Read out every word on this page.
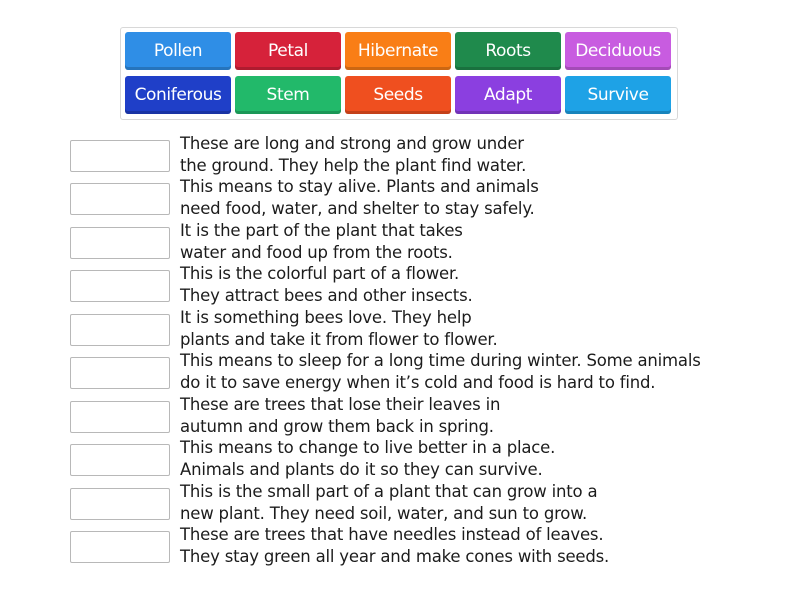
Pollen	Petal	Hibernate	Roots	Deciduous
Coniferous	Stem	Seeds	Adapt	Survive
These are long and strong and grow under
the ground. They help the plant find water.
This means to stay alive. Plants and animals
need food, water, and shelter to stay safely.
It is the part of the plant that takes
water and food up from the roots.
This is the colorful part of a flower.
They attract bees and other insects.
It is something bees love. They help
plants and take it from flower to flower.
This means to sleep for a long time during winter. Some animals
do it to save energy when it’s cold and food is hard to find.
These are trees that lose their leaves in
autumn and grow them back in spring.
This means to change to live better in a place.
Animals and plants do it so they can survive.
This is the small part of a plant that can grow into a
new plant. They need soil, water, and sun to grow.
These are trees that have needles instead of leaves.
They stay green all year and make cones with seeds.
